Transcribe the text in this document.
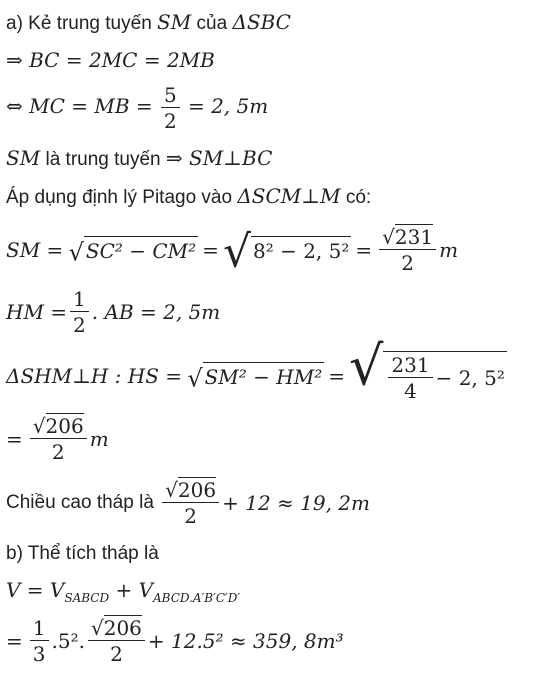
a) Kẻ trung tuyến SM của ΔSBC
⇒ BC = 2MC = 2MB
⇔ MC = MB = $\frac{5}{2} = 2$, 5m
SM là trung tuyến ⇒ SM⊥BC
Áp dụng định lý Pitago vào ΔSCM⊥M có:
SM =
√ SC² − CM² = √ 8² − 2, $5^2 = \frac{√231}{2}$ m
HM = $\frac{1}{2}$ . AB = 2, 5m
ΔSHM⊥H : HS =
√ SM² − HM² = √ $\frac{231}{4} - 2$, 5²
= $\frac{√206}{2}$ m
Chiều cao tháp là
$\frac{√206}{2} + 12 \approx 19$, 2m
b) Thể tích tháp là
$V = V_{SABCD} + V_{ABCD.A'B'C'D'}$
= $\frac{1}{3} .5^2$. $\frac{√206}{2} + 12.5^2 \approx 359$, 8m³
